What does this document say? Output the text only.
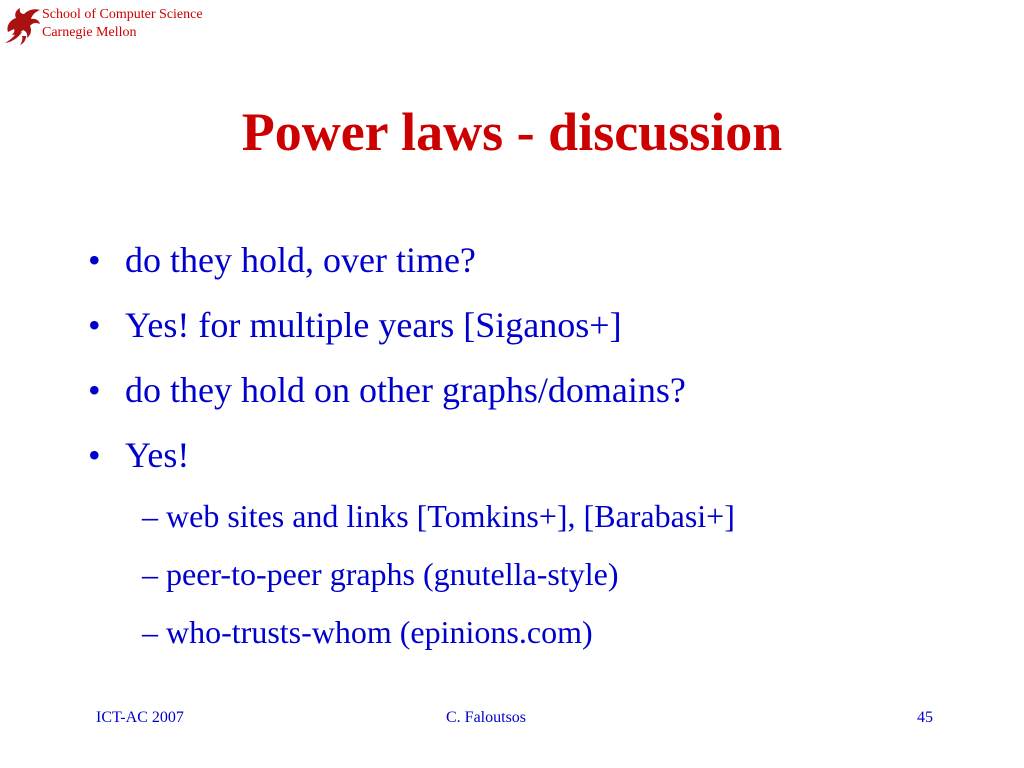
School of Computer Science
Carnegie Mellon
Power laws - discussion
• do they hold, over time?
• Yes! for multiple years [Siganos+]
• do they hold on other graphs/domains?
• Yes!
– web sites and links [Tomkins+], [Barabasi+]
– peer-to-peer graphs (gnutella-style)
– who-trusts-whom (epinions.com)
ICT-AC 2007	C. Faloutsos	45
